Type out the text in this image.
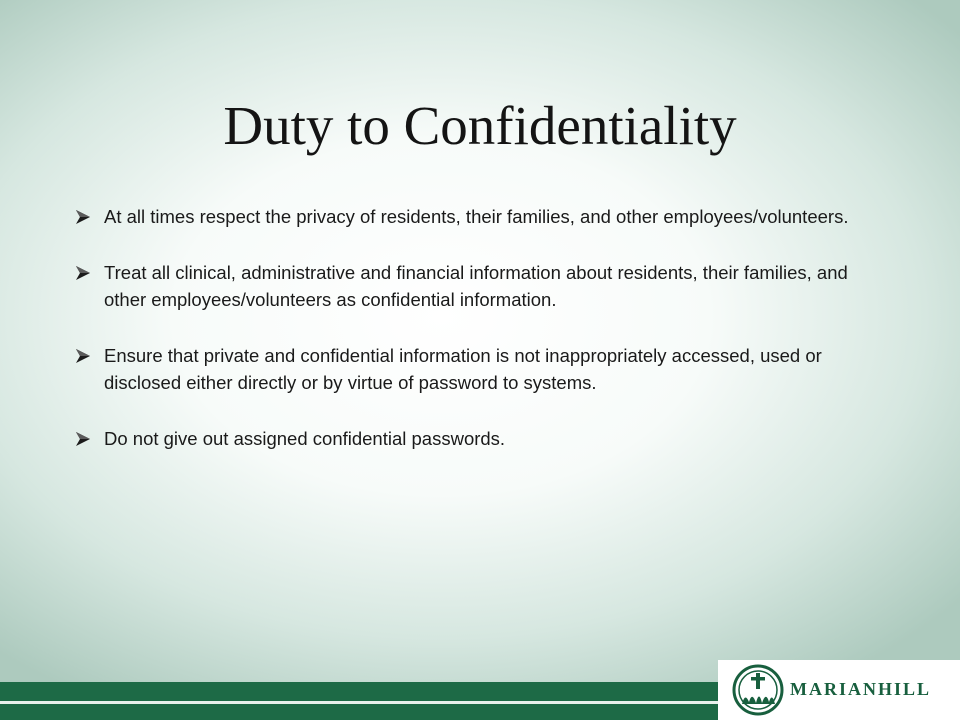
Duty to Confidentiality
At all times respect the privacy of residents, their families, and other employees/volunteers.
Treat all clinical, administrative and financial information about residents, their families, and other employees/volunteers as confidential information.
Ensure that private and confidential information is not inappropriately accessed, used or disclosed either directly or by virtue of password to systems.
Do not give out assigned confidential passwords.
MARIANHILL
